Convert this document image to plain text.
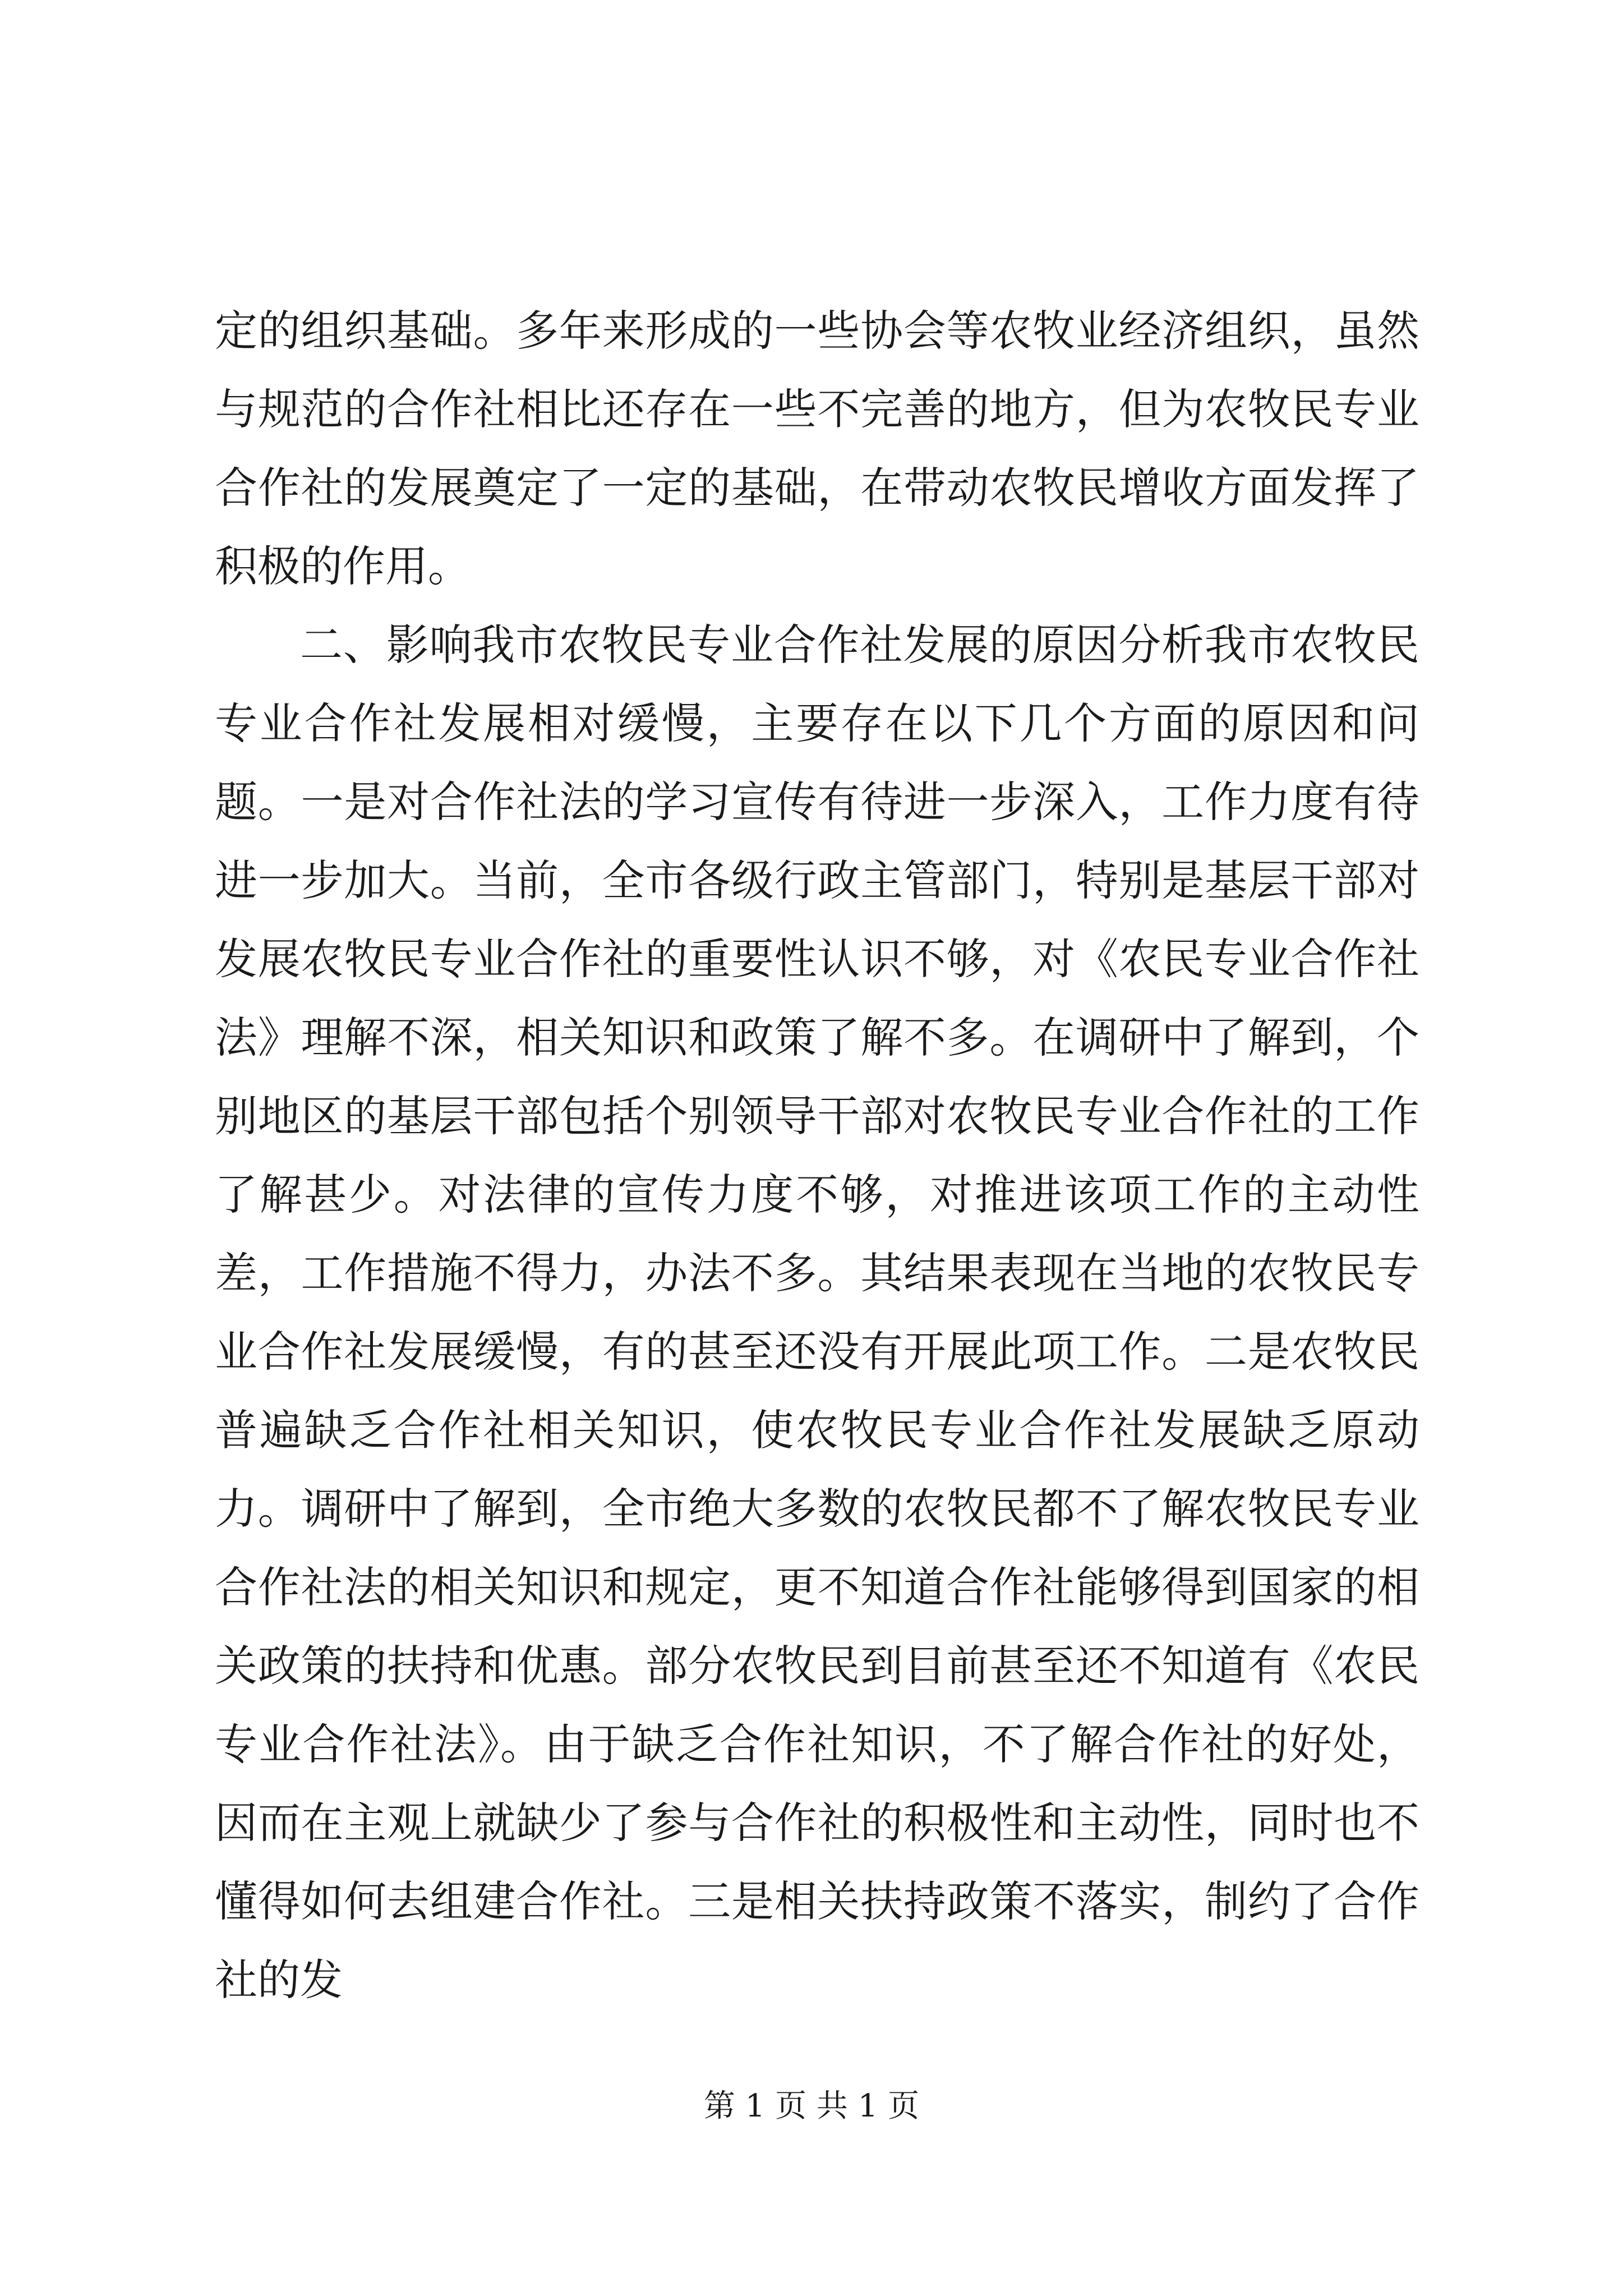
定的组织基础。多年来形成的一些协会等农牧业经济组织，虽然与规范的合作社相比还存在一些不完善的地方，但为农牧民专业合作社的发展奠定了一定的基础，在带动农牧民增收方面发挥了积极的作用。

二、影响我市农牧民专业合作社发展的原因分析我市农牧民专业合作社发展相对缓慢，主要存在以下几个方面的原因和问题。一是对合作社法的学习宣传有待进一步深入，工作力度有待进一步加大。当前，全市各级行政主管部门，特别是基层干部对发展农牧民专业合作社的重要性认识不够，对《农民专业合作社法》理解不深，相关知识和政策了解不多。在调研中了解到，个别地区的基层干部包括个别领导干部对农牧民专业合作社的工作了解甚少。对法律的宣传力度不够，对推进该项工作的主动性差，工作措施不得力，办法不多。其结果表现在当地的农牧民专业合作社发展缓慢，有的甚至还没有开展此项工作。二是农牧民普遍缺乏合作社相关知识，使农牧民专业合作社发展缺乏原动力。调研中了解到，全市绝大多数的农牧民都不了解农牧民专业合作社法的相关知识和规定，更不知道合作社能够得到国家的相关政策的扶持和优惠。部分农牧民到目前甚至还不知道有《农民专业合作社法》。由于缺乏合作社知识，不了解合作社的好处，因而在主观上就缺少了参与合作社的积极性和主动性，同时也不懂得如何去组建合作社。三是相关扶持政策不落实，制约了合作社的发

第 1 页 共 1 页
